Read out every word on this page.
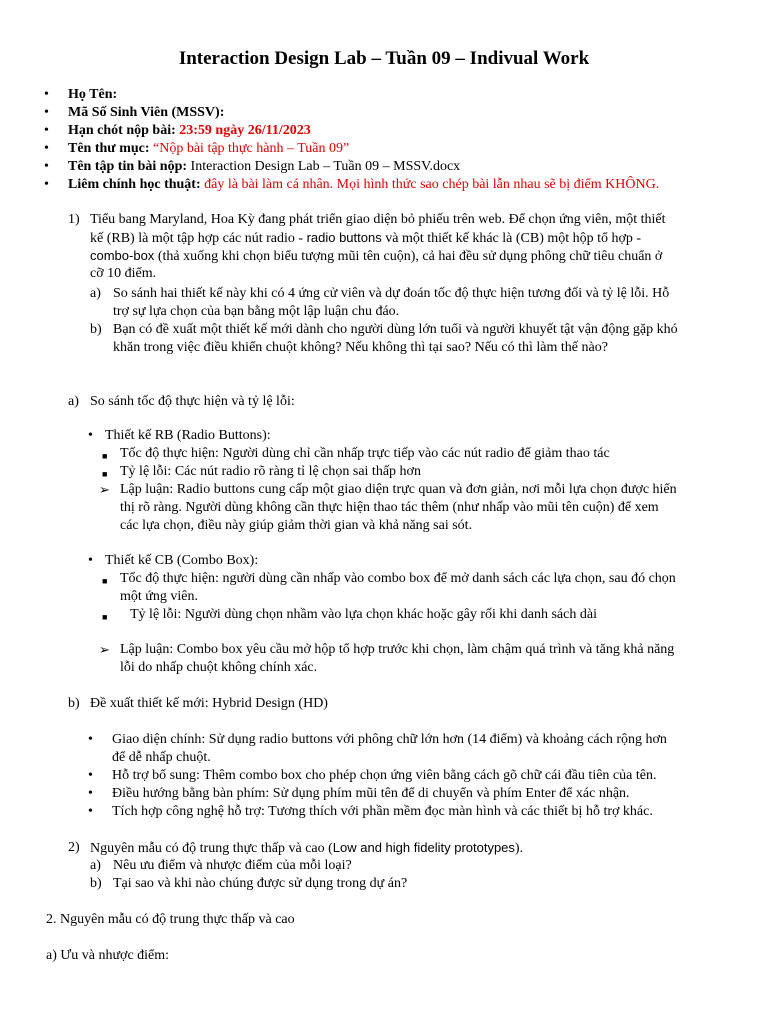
Interaction Design Lab – Tuần 09 – Indivual Work
• Họ Tên:
• Mã Số Sinh Viên (MSSV):
• Hạn chót nộp bài: 23:59 ngày 26/11/2023
• Tên thư mục: “Nộp bài tập thực hành – Tuần 09”
• Tên tập tin bài nộp: Interaction Design Lab – Tuần 09 – MSSV.docx
• Liêm chính học thuật: đây là bài làm cá nhân. Mọi hình thức sao chép bài lẫn nhau sẽ bị điểm KHÔNG.
1) Tiểu bang Maryland, Hoa Kỳ đang phát triển giao diện bỏ phiếu trên web. Để chọn ứng viên, một thiết
kế (RB) là một tập hợp các nút radio - radio buttons và một thiết kế khác là (CB) một hộp tổ hợp -
combo-box (thả xuống khi chọn biểu tượng mũi tên cuộn), cả hai đều sử dụng phông chữ tiêu chuẩn ở
cỡ 10 điểm.
a) So sánh hai thiết kế này khi có 4 ứng cử viên và dự đoán tốc độ thực hiện tương đối và tỷ lệ lỗi. Hỗ
trợ sự lựa chọn của bạn bằng một lập luận chu đáo.
b) Bạn có đề xuất một thiết kế mới dành cho người dùng lớn tuổi và người khuyết tật vận động gặp khó
khăn trong việc điều khiển chuột không? Nếu không thì tại sao? Nếu có thì làm thế nào?
a) So sánh tốc độ thực hiện và tỷ lệ lỗi:
• Thiết kế RB (Radio Buttons):
■ Tốc độ thực hiện: Người dùng chỉ cần nhấp trực tiếp vào các nút radio để giảm thao tác
■ Tỷ lệ lỗi: Các nút radio rõ ràng tỉ lệ chọn sai thấp hơn
➢ Lập luận: Radio buttons cung cấp một giao diện trực quan và đơn giản, nơi mỗi lựa chọn được hiển
thị rõ ràng. Người dùng không cần thực hiện thao tác thêm (như nhấp vào mũi tên cuộn) để xem
các lựa chọn, điều này giúp giảm thời gian và khả năng sai sót.
• Thiết kế CB (Combo Box):
■ Tốc độ thực hiện: người dùng cần nhấp vào combo box để mở danh sách các lựa chọn, sau đó chọn
một ứng viên.
■ Tỷ lệ lỗi: Người dùng chọn nhầm vào lựa chọn khác hoặc gây rối khi danh sách dài
➢ Lập luận: Combo box yêu cầu mở hộp tổ hợp trước khi chọn, làm chậm quá trình và tăng khả năng
lỗi do nhấp chuột không chính xác.
b) Đề xuất thiết kế mới: Hybrid Design (HD)
• Giao diện chính: Sử dụng radio buttons với phông chữ lớn hơn (14 điểm) và khoảng cách rộng hơn
để dễ nhấp chuột.
• Hỗ trợ bổ sung: Thêm combo box cho phép chọn ứng viên bằng cách gõ chữ cái đầu tiên của tên.
• Điều hướng bằng bàn phím: Sử dụng phím mũi tên để di chuyển và phím Enter để xác nhận.
• Tích hợp công nghệ hỗ trợ: Tương thích với phần mềm đọc màn hình và các thiết bị hỗ trợ khác.
2) Nguyên mẫu có độ trung thực thấp và cao (Low and high fidelity prototypes).
a) Nêu ưu điểm và nhược điểm của mỗi loại?
b) Tại sao và khi nào chúng được sử dụng trong dự án?
2. Nguyên mẫu có độ trung thực thấp và cao
a) Ưu và nhược điểm:
